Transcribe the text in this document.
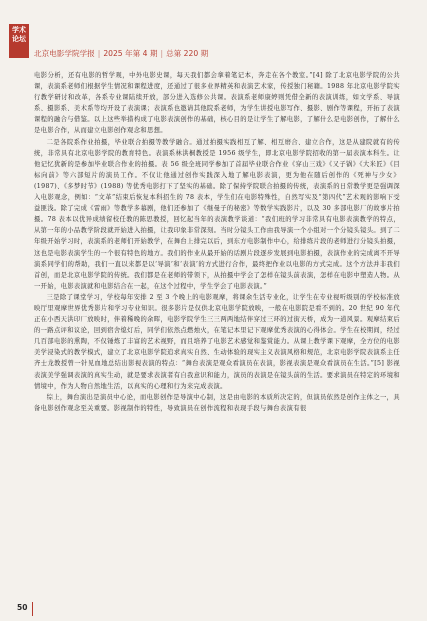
学术
论坛
北京电影学院学报 | 2025 年第 4 期 | 总第 220 期

电影分析，还有电影的哲学观，中外电影史课，每天我们都会拿着笔记本，奔走在各个教室。”[4] 除了北京电影学院的公共课，表演系老师们根据学生情况和课程进度，还通过了很多业界精英和表演艺术家，传授独门秘籍。1988 年北京电影学院实行教学研讨和改革，各系专业课陆续开放，部分进入选修公共课。表演系老师康婷则凭借全新的表演训练，如文学系、导演系、摄影系、美术系等均开设了表演课；表演系也邀请其他院系老师，为学生讲授电影写作、摄影、剧作等课程，开拓了表演课程的融合与借鉴。以上这些举措构成了电影表演创作的基础，核心目的是让学生了解电影，了解什么是电影创作，了解什么是电影合作，从而建立电影创作观念和思想。

二是各院系作业拍摄，毕业联合拍摄等教学融合。通过拍摄实践相互了解、相互磨合、建立合作，这是从建院就有的传统，非常具有北京电影学院的教育特色。表演系林洪桐教授是 1956 级学生，即北京电影学院招收的第一届表演本科生。让他记忆犹新的是参加毕业联合作业的拍摄。表 56 级全班同学参加了首届毕业联合作业《穿山三戏》《又子锅》《大米匠》《目标向前》等六部短片的演员工作。不仅让他通过创作实践深入地了解电影表演，更为他在随后创作的《死神与少女》(1987)、《多梦时节》(1988) 等优秀电影打下了坚实的基础。除了保持学院联合拍摄的传统，表演系的日常教学更是强调深入电影观念，例如：“文革”结束后恢复本科招生的 78 表本，学生们在电影特殊性，自然写实及“第四代”艺术观的影响下受益匪浅。除了完成《雷雨》等教学多幕剧，他们还参加了《继曼子的秘密》等数学实践影片，以及 30 多部电影厂的故事片拍摄。78 表本以优异成绩留校任教的陈思教授，回忆起当年的表演教学谈道：“我们班的学习非常具有电影表演教学的特点，从第一年的小品教学阶段就开始进入拍摄，让我印象非常深刻。当时分镜头工作由我导演一个小组对一个分镜头镜头。到了二年级开始学习时，表演系的老师们开始教学，在舞台上排完以后，到东方电影制作中心，给排练片段的老师进行分镜头拍摄，这也是电影表演学生的一个很有特色的地方。我们的作业从最开始的话剧片段逐步发展到电影拍摄，表演作业的完成离不开导演系同学们的帮助，我们一直以来都是以‘导演’和‘表演’的方式进行合作，最终把作业以电影的方式完成。这个方法并非我们首创，而是北京电影学院的传统。我们都是在老师的带领下，从拍摄中学会了怎样在镜头前表演，怎样在电影中塑造人物。从一开始，电影表演就和电影结合在一起，在这个过程中，学生学会了电影表演。”

三是除了课堂学习，学校每年安排 2 至 3 个晚上的电影观摩，将课余生活专业化，让学生在专业视听级别的学校标准放映厅里观摩世界优秀影片和学习专业知识。很多影片是仅供北京电影学院放映，一般在电影院是看不到的。20 世纪 90 年代正在小西天洪印厂放映时，伴着稀晚的余晖，电影学院学生三三两两地结伴穿过三环的过街天桥，成为一道风景。观摩结束后的一路点评和议论，回到宿舍熄灯后，同学们依然点燃烛火，在笔记本里记下观摩优秀表演的心得体会。学生在校期间，经过几百部电影的熏陶，不仅锤炼了丰富的艺术视野，而且培养了电影艺术感觉和鉴赏能力。从课上教学课下观摩，全方位的电影美学浸染式的教学模式，建立了北京电影学院追求真实自然、生动体验的现实主义表演风格和规范，北京电影学院表演系主任齐士龙教授曾一针见血地总结出影视表演的特点：“舞台表演是观众看演员在表演，影视表演是观众看演员在生活。”[5] 影视表演美学强调表演的真实生动，就是要求表演者有自我意识和能力，演员的表演是在镜头前的生活。要求演员在特定的环境和情境中，作为人物自然地生活，以真实的心理和行为来完成表演。

综上，舞台演出是演员中心论，而电影创作是导演中心制，这是由电影的本质所决定的，但演员依然是创作主体之一，具备电影创作观念至关重要。影视制作的特性，导致演员在创作流程和表现手段与舞台表演有很

50
